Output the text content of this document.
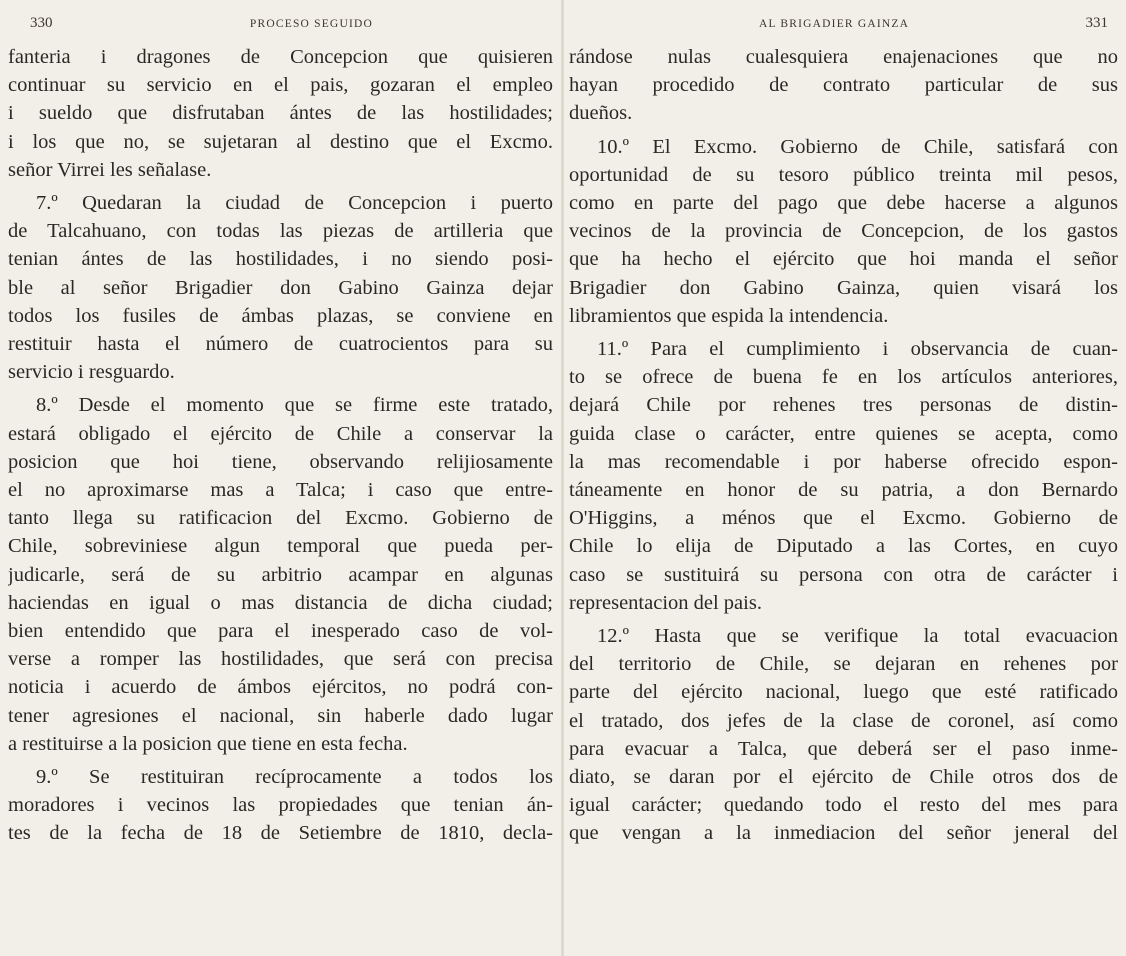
330	PROCESO SEGUIDO
fanteria i dragones de Concepcion que quisieren
continuar su servicio en el pais, gozaran el empleo
i sueldo que disfrutaban ántes de las hostilidades;
i los que no, se sujetaran al destino que el Excmo.
señor Virrei les señalase.
7.º Quedaran la ciudad de Concepcion i puerto
de Talcahuano, con todas las piezas de artilleria que
tenian ántes de las hostilidades, i no siendo posi-
ble al señor Brigadier don Gabino Gainza dejar
todos los fusiles de ámbas plazas, se conviene en
restituir hasta el número de cuatrocientos para su
servicio i resguardo.
8.º Desde el momento que se firme este tratado,
estará obligado el ejército de Chile a conservar la
posicion que hoi tiene, observando relijiosamente
el no aproximarse mas a Talca; i caso que entre-
tanto llega su ratificacion del Excmo. Gobierno de
Chile, sobreviniese algun temporal que pueda per-
judicarle, será de su arbitrio acampar en algunas
haciendas en igual o mas distancia de dicha ciudad;
bien entendido que para el inesperado caso de vol-
verse a romper las hostilidades, que será con precisa
noticia i acuerdo de ámbos ejércitos, no podrá con-
tener agresiones el nacional, sin haberle dado lugar
a restituirse a la posicion que tiene en esta fecha.
9.º Se restituiran recíprocamente a todos los
moradores i vecinos las propiedades que tenian án-
tes de la fecha de 18 de Setiembre de 1810, decla-
AL BRIGADIER GAINZA	331
rándose nulas cualesquiera enajenaciones que no
hayan procedido de contrato particular de sus
dueños.
10.º El Excmo. Gobierno de Chile, satisfará con
oportunidad de su tesoro público treinta mil pesos,
como en parte del pago que debe hacerse a algunos
vecinos de la provincia de Concepcion, de los gastos
que ha hecho el ejército que hoi manda el señor
Brigadier don Gabino Gainza, quien visará los
libramientos que espida la intendencia.
11.º Para el cumplimiento i observancia de cuan-
to se ofrece de buena fe en los artículos anteriores,
dejará Chile por rehenes tres personas de distin-
guida clase o carácter, entre quienes se acepta, como
la mas recomendable i por haberse ofrecido espon-
táneamente en honor de su patria, a don Bernardo
O'Higgins, a ménos que el Excmo. Gobierno de
Chile lo elija de Diputado a las Cortes, en cuyo
caso se sustituirá su persona con otra de carácter i
representacion del pais.
12.º Hasta que se verifique la total evacuacion
del territorio de Chile, se dejaran en rehenes por
parte del ejército nacional, luego que esté ratificado
el tratado, dos jefes de la clase de coronel, así como
para evacuar a Talca, que deberá ser el paso inme-
diato, se daran por el ejército de Chile otros dos de
igual carácter; quedando todo el resto del mes para
que vengan a la inmediacion del señor jeneral del
